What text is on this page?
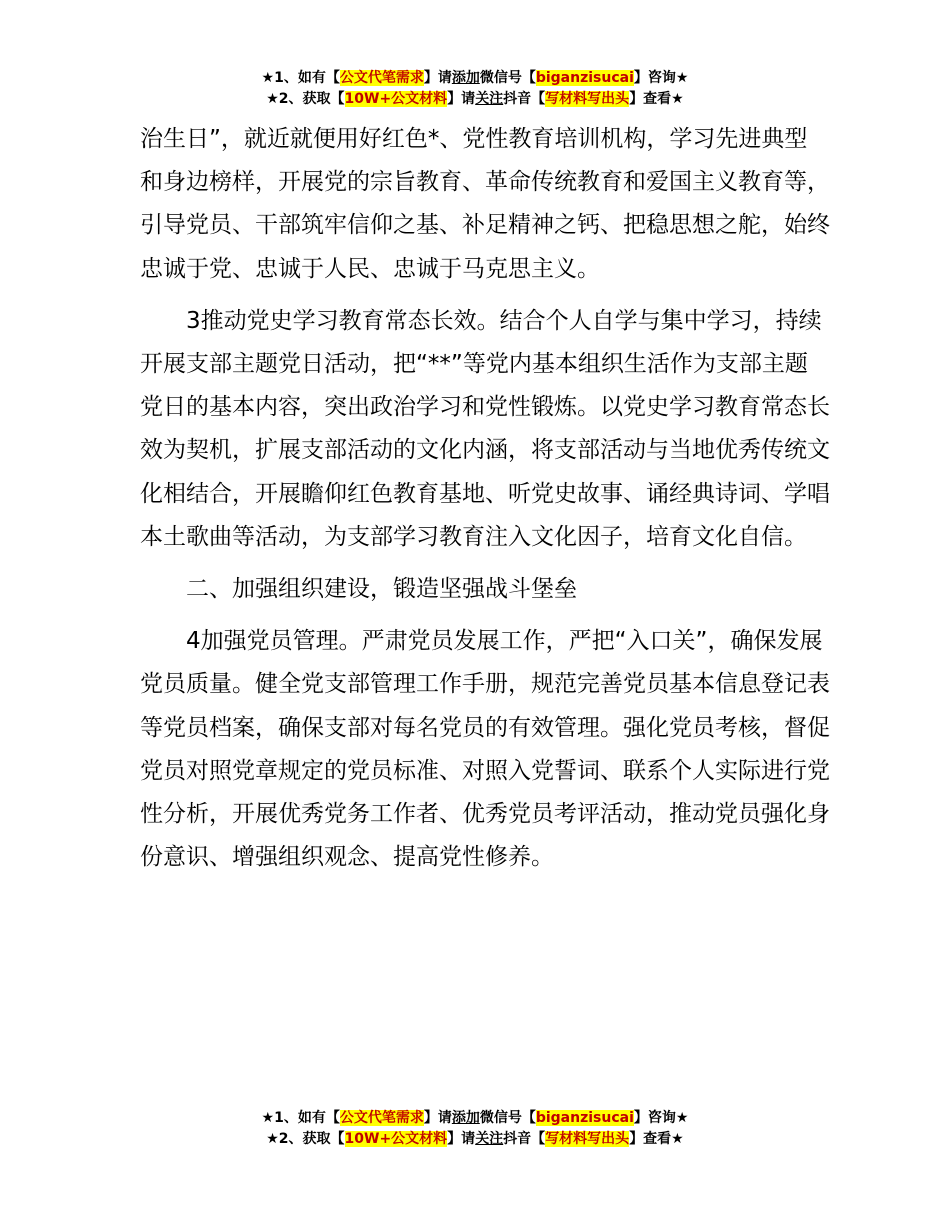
★1、如有【公文代笔需求】请添加微信号【biganzisucai】咨询★
★2、获取【10W+公文材料】请关注抖音【写材料写出头】查看★

治生日”，就近就便用好红色*、党性教育培训机构，学习先进典型和身边榜样，开展党的宗旨教育、革命传统教育和爱国主义教育等，引导党员、干部筑牢信仰之基、补足精神之钙、把稳思想之舵，始终忠诚于党、忠诚于人民、忠诚于马克思主义。

3推动党史学习教育常态长效。结合个人自学与集中学习，持续开展支部主题党日活动，把“**”等党内基本组织生活作为支部主题党日的基本内容，突出政治学习和党性锻炼。以党史学习教育常态长效为契机，扩展支部活动的文化内涵，将支部活动与当地优秀传统文化相结合，开展瞻仰红色教育基地、听党史故事、诵经典诗词、学唱本土歌曲等活动，为支部学习教育注入文化因子，培育文化自信。

二、加强组织建设，锻造坚强战斗堡垒

4加强党员管理。严肃党员发展工作，严把“入口关”，确保发展党员质量。健全党支部管理工作手册，规范完善党员基本信息登记表等党员档案，确保支部对每名党员的有效管理。强化党员考核，督促党员对照党章规定的党员标准、对照入党誓词、联系个人实际进行党性分析，开展优秀党务工作者、优秀党员考评活动，推动党员强化身份意识、增强组织观念、提高党性修养。

★1、如有【公文代笔需求】请添加微信号【biganzisucai】咨询★
★2、获取【10W+公文材料】请关注抖音【写材料写出头】查看★
